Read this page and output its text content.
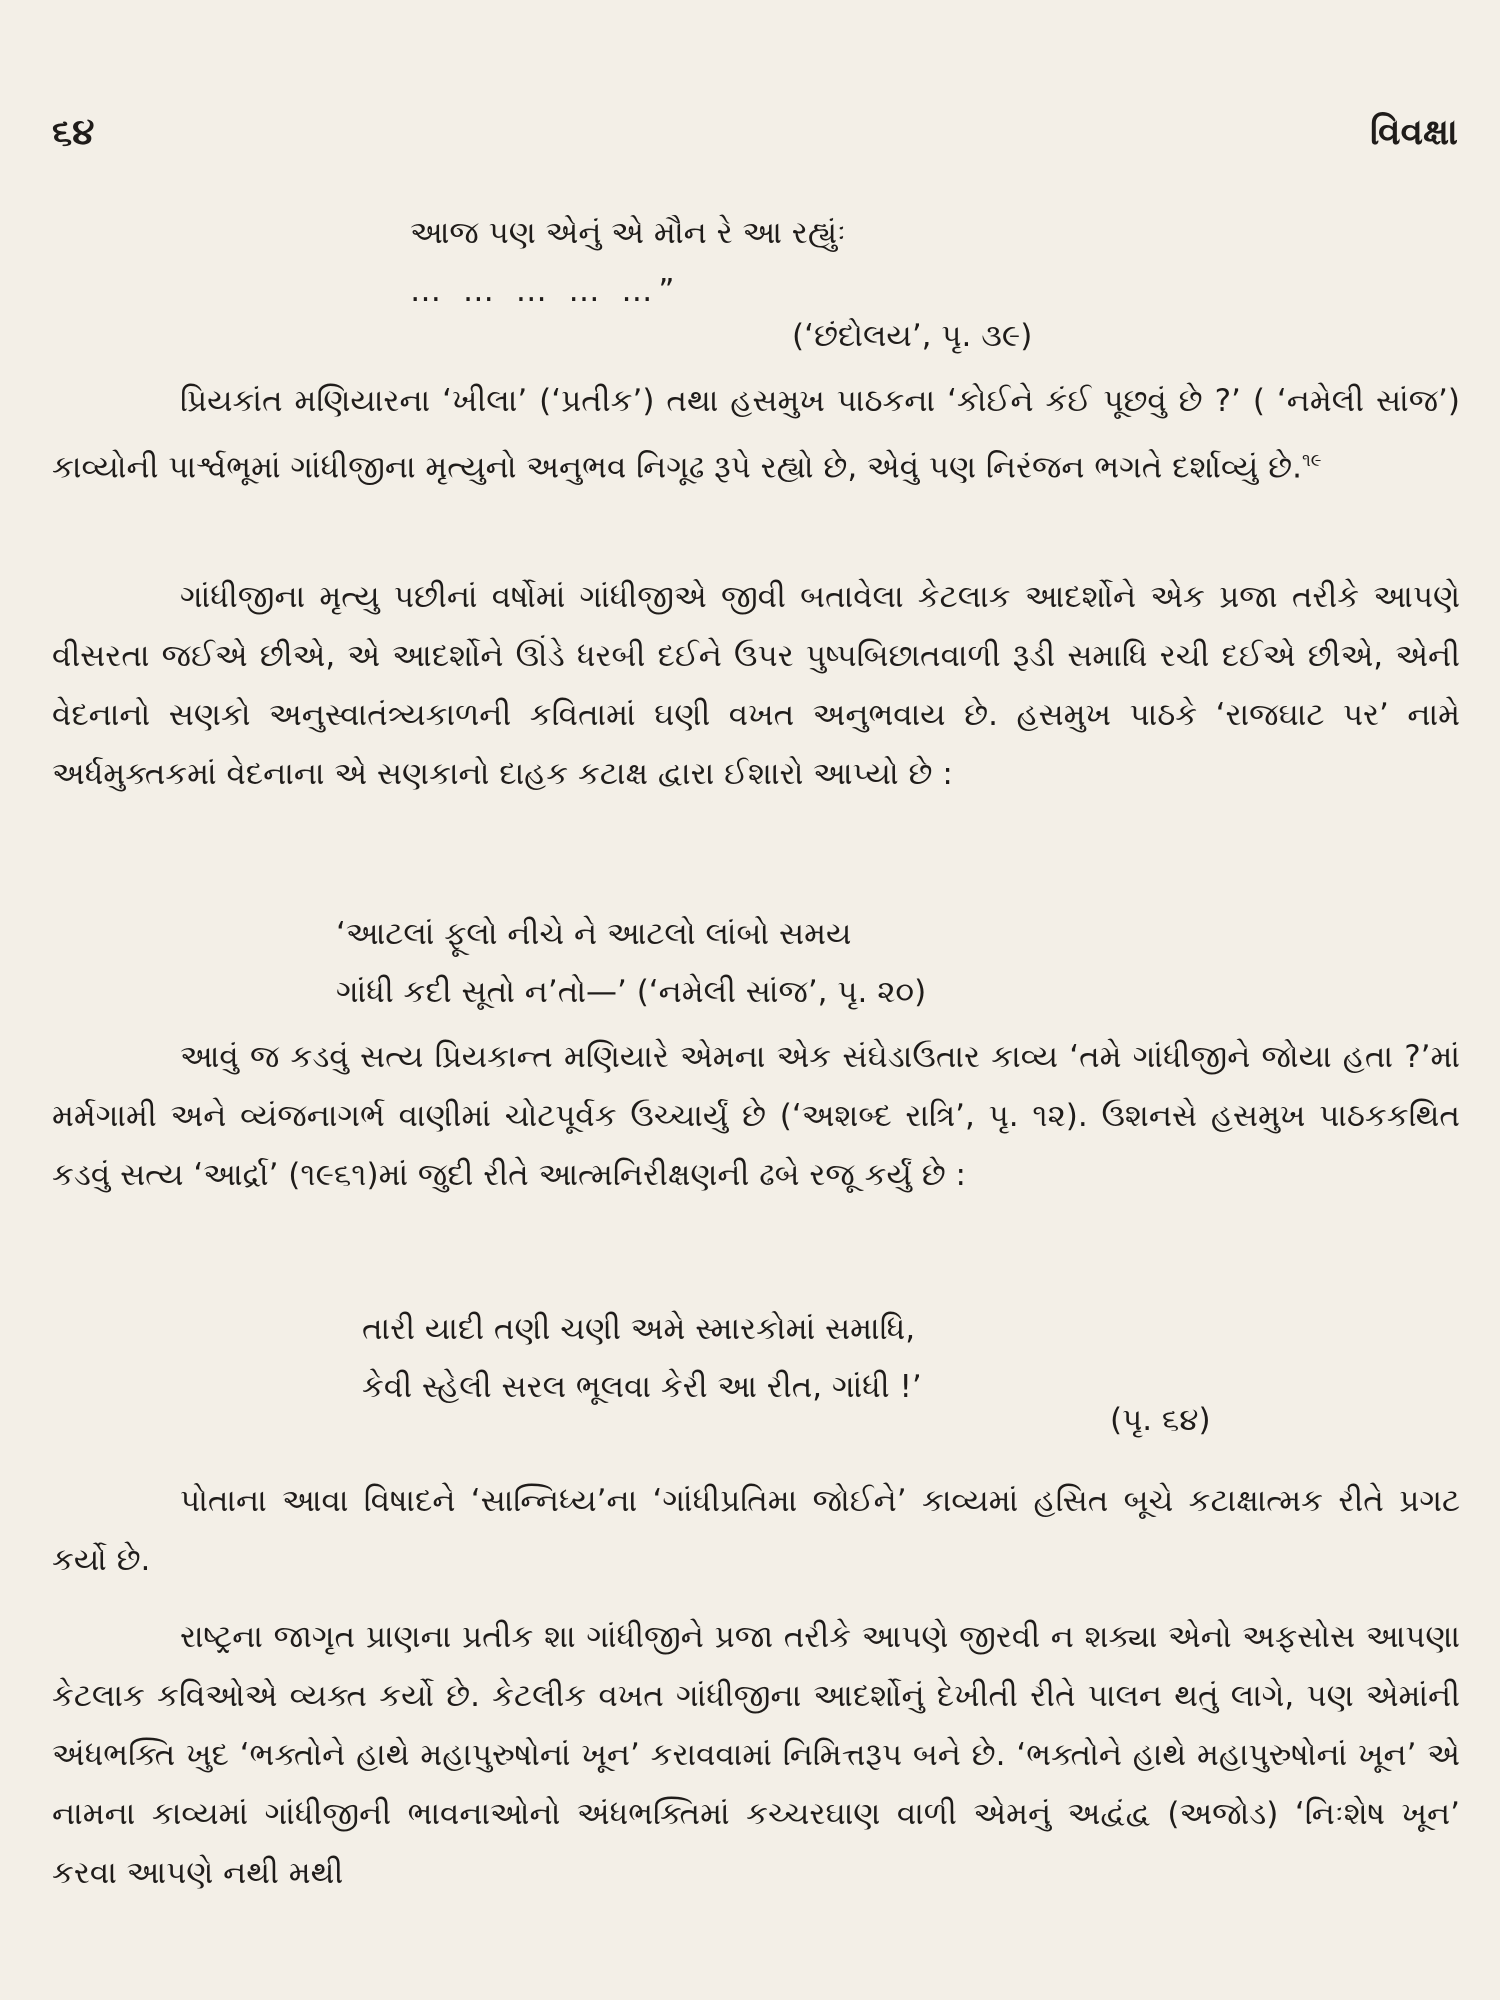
૬૪	વિવક્ષા
આજ પણ એનું એ મૌન રે આ રહ્યુંઃ
… … … … …”
(‘છંદોલય’, પૃ. ૩૯)

પ્રિયકાંત મણિયારના ‘ખીલા’ (‘પ્રતીક’) તથા હસમુખ પાઠકના ‘કોઈને કંઈ પૂછવું છે ?’ ( ‘નમેલી સાંજ’) કાવ્યોની પાર્શ્વભૂમાં ગાંધીજીના મૃત્યુનો અનુભવ નિગૂઢ રૂપે રહ્યો છે, એવું પણ નિરંજન ભગતે દર્શાવ્યું છે.$^{૧૯}$

ગાંધીજીના મૃત્યુ પછીનાં વર્ષોમાં ગાંધીજીએ જીવી બતાવેલા કેટલાક આદર્શોને એક પ્રજા તરીકે આપણે વીસરતા જઈએ છીએ, એ આદર્શોને ઊંડે ધરબી દઈને ઉપર પુષ્પબિછાતવાળી રૂડી સમાધિ રચી દઈએ છીએ, એની વેદનાનો સણકો અનુસ્વાતંત્ર્યકાળની કવિતામાં ઘણી વખત અનુભવાય છે. હસમુખ પાઠકે ‘રાજઘાટ પર’ નામે અર્ધમુક્તકમાં વેદનાના એ સણકાનો દાહક કટાક્ષ દ્વારા ઈશારો આપ્યો છે :

‘આટલાં ફૂલો નીચે ને આટલો લાંબો સમય
ગાંધી કદી સૂતો ન’તો—’ (‘નમેલી સાંજ’, પૃ. ૨૦)

આવું જ કડવું સત્ય પ્રિયકાન્ત મણિયારે એમના એક સંઘેડાઉતાર કાવ્ય ‘તમે ગાંધીજીને જોયા હતા ?’માં મર્મગામી અને વ્યંજનાગર્ભ વાણીમાં ચોટપૂર્વક ઉચ્ચાર્યું છે (‘અશબ્દ રાત્રિ’, પૃ. ૧૨). ઉશનસે હસમુખ પાઠકકથિત કડવું સત્ય ‘આર્દ્રા’ (૧૯૬૧)માં જુદી રીતે આત્મનિરીક્ષણની ઢબે રજૂ કર્યું છે :

તારી યાદી તણી ચણી અમે સ્મારકોમાં સમાધિ,
કેવી સ્હેલી સરલ ભૂલવા કેરી આ રીત, ગાંધી !’
(પૃ. ૬૪)

પોતાના આવા વિષાદને ‘સાન્નિધ્ય’ના ‘ગાંધીપ્રતિમા જોઈને’ કાવ્યમાં હસિત બૂચે કટાક્ષાત્મક રીતે પ્રગટ કર્યો છે.

રાષ્ટ્રના જાગૃત પ્રાણના પ્રતીક શા ગાંધીજીને પ્રજા તરીકે આપણે જીરવી ન શક્યા એનો અફસોસ આપણા કેટલાક કવિઓએ વ્યક્ત કર્યો છે. કેટલીક વખત ગાંધીજીના આદર્શોનું દેખીતી રીતે પાલન થતું લાગે, પણ એમાંની અંધભક્તિ ખુદ ‘ભક્તોને હાથે મહાપુરુષોનાં ખૂન’ કરાવવામાં નિમિત્તરૂપ બને છે. ‘ભક્તોને હાથે મહાપુરુષોનાં ખૂન’ એ નામના કાવ્યમાં ગાંધીજીની ભાવનાઓનો અંધભક્તિમાં કચ્ચરઘાણ વાળી એમનું અદ્વંદ્વ (અજોડ) ‘નિઃશેષ ખૂન’ કરવા આપણે નથી મથી
